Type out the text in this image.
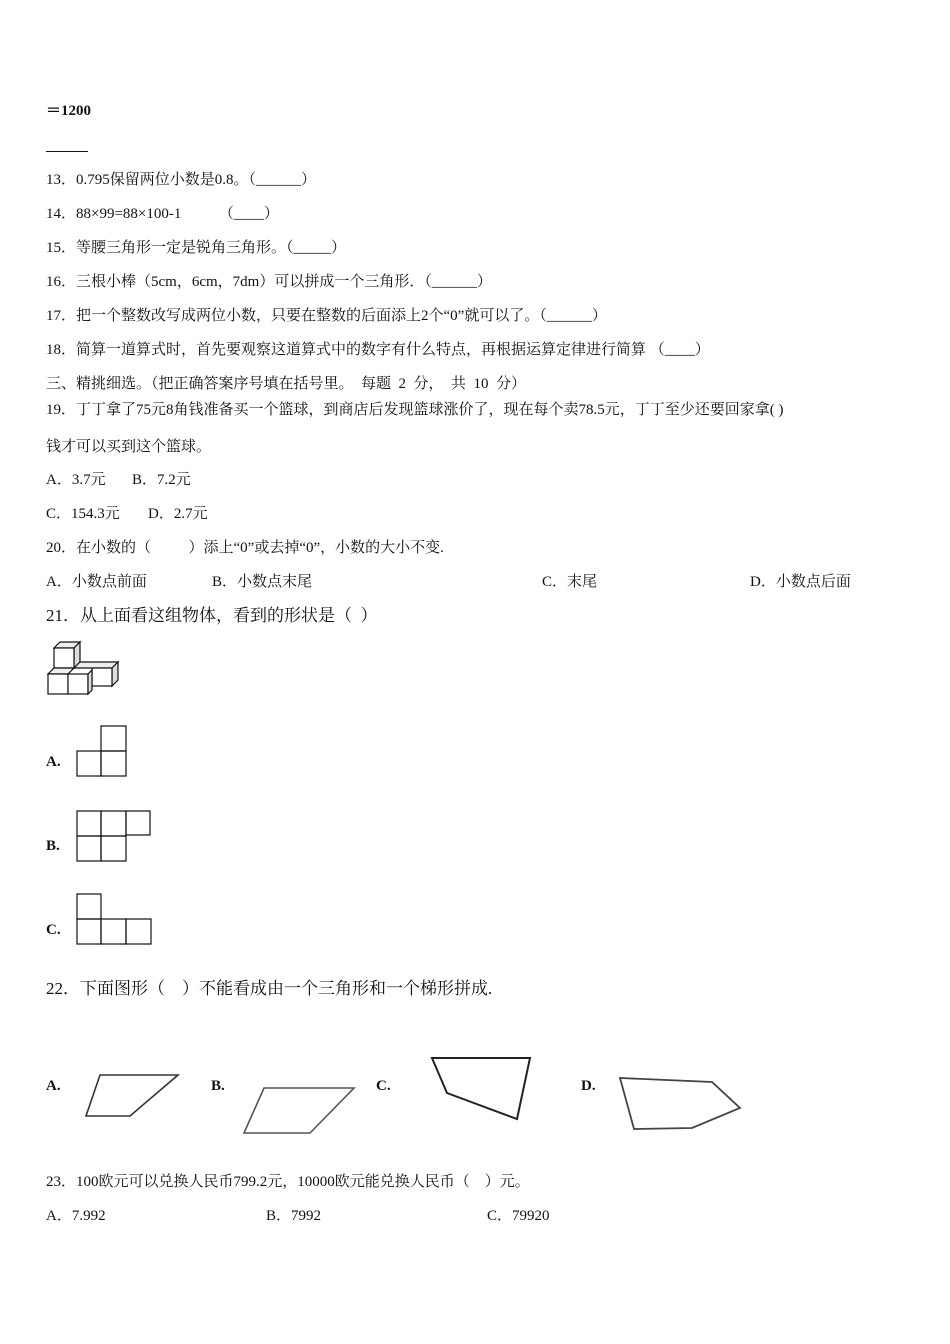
＝1200
13．0.795保留两位小数是0.8。（______）
14．88×99=88×100-1          （____）
15．等腰三角形一定是锐角三角形。（_____）
16．三根小棒（5cm，6cm，7dm）可以拼成一个三角形．（______）
17．把一个整数改写成两位小数，只要在整数的后面添上2个“0”就可以了。（______）
18．简算一道算式时，首先要观察这道算式中的数字有什么特点，再根据运算定律进行简算 （____）
三、精挑细选。（把正确答案序号填在括号里。  每题  2  分，  共  10  分）
19．丁丁拿了75元8角钱准备买一个篮球，到商店后发现篮球涨价了，现在每个卖78.5元，丁丁至少还要回家拿( )
钱才可以买到这个篮球。
A．3.7元 B．7.2元
C．154.3元 D．2.7元
20．在小数的（          ）添上“0”或去掉“0”，小数的大小不变.
A．小数点前面	B．小数点末尾	C．末尾	D．小数点后面
21．从上面看这组物体，看到的形状是（  ）
A.
B.
C.
22．下面图形（    ）不能看成由一个三角形和一个梯形拼成.
A.	B.	C.	D.
23．100欧元可以兑换人民币799.2元，10000欧元能兑换人民币（    ）元。
A．7.992	B．7992	C．79920
